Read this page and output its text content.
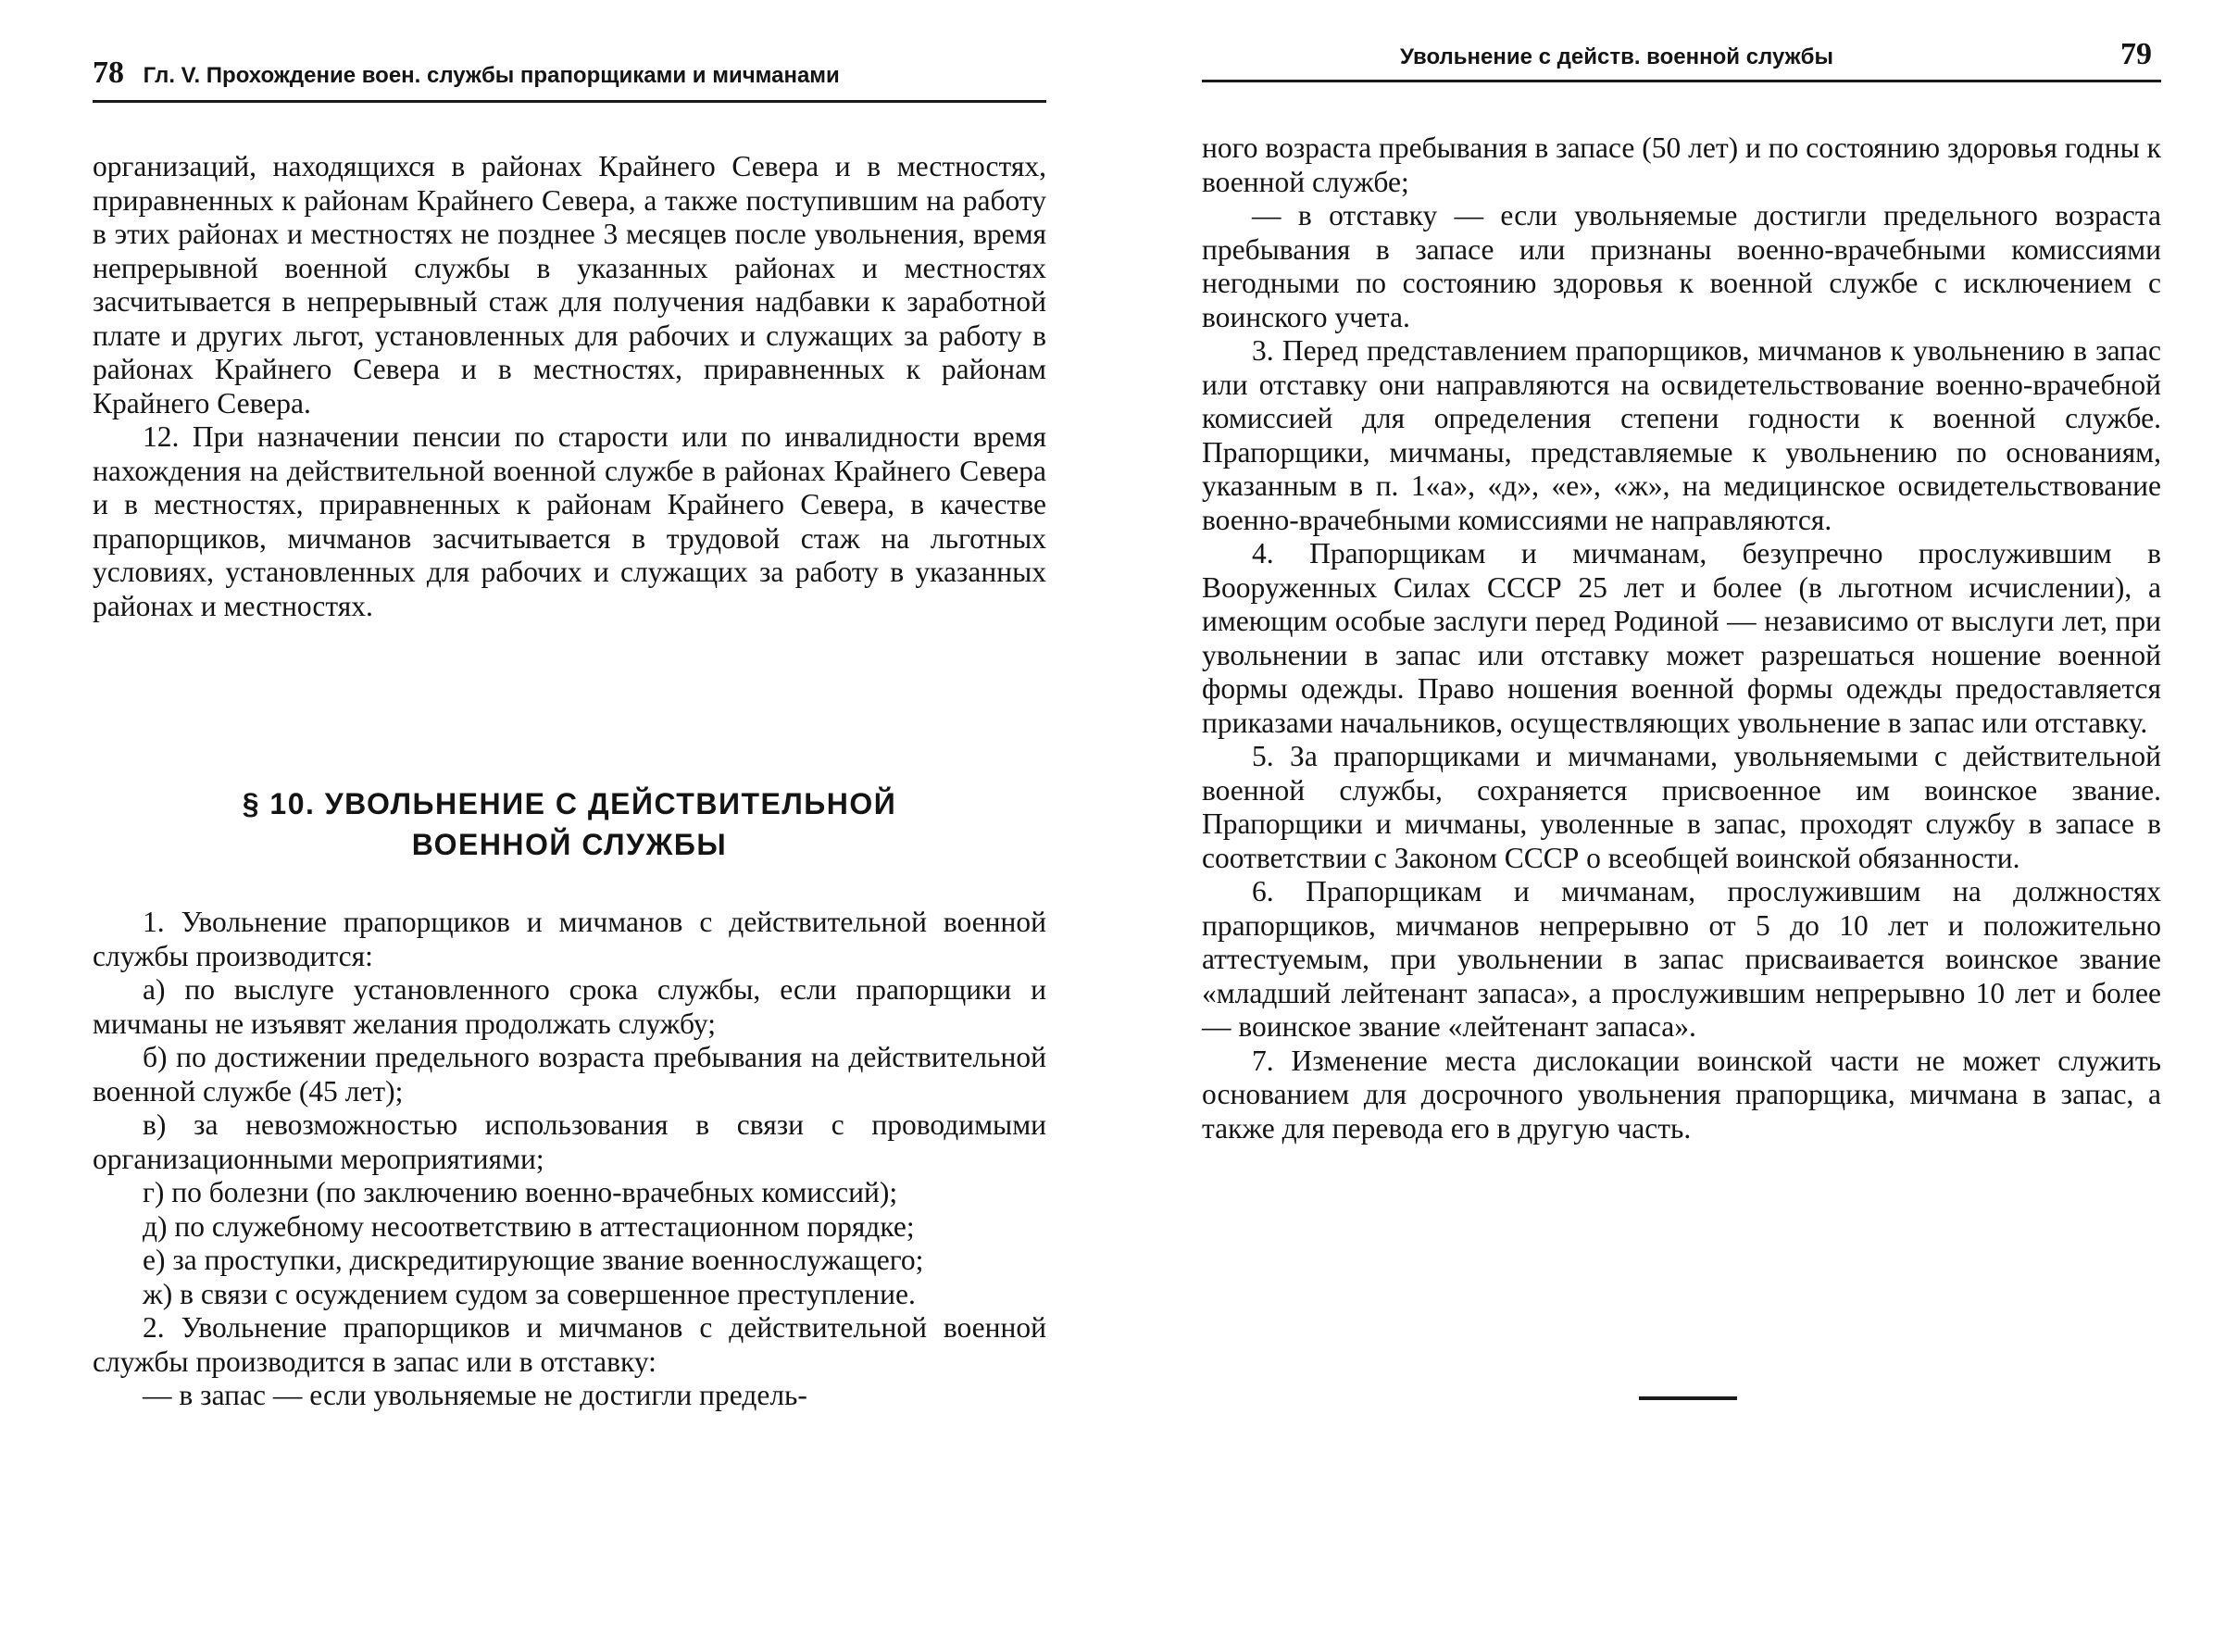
78 Гл. V. Прохождение воен. службы прапорщиками и мичманами

организаций, находящихся в районах Крайнего Севера и в местностях, приравненных к районам Крайнего Севера, а также поступившим на работу в этих районах и местностях не позднее 3 месяцев после увольнения, время непрерывной военной службы в указанных районах и местностях засчитывается в непрерывный стаж для получения надбавки к заработной плате и других льгот, установленных для рабочих и служащих за работу в районах Крайнего Севера и в местностях, приравненных к районам Крайнего Севера.

12. При назначении пенсии по старости или по инвалидности время нахождения на действительной военной службе в районах Крайнего Севера и в местностях, приравненных к районам Крайнего Севера, в качестве прапорщиков, мичманов засчитывается в трудовой стаж на льготных условиях, установленных для рабочих и служащих за работу в указанных районах и местностях.

§ 10. УВОЛЬНЕНИЕ С ДЕЙСТВИТЕЛЬНОЙ
ВОЕННОЙ СЛУЖБЫ

1. Увольнение прапорщиков и мичманов с действительной военной службы производится:

а) по выслуге установленного срока службы, если прапорщики и мичманы не изъявят желания продолжать службу;

б) по достижении предельного возраста пребывания на действительной военной службе (45 лет);

в) за невозможностью использования в связи с проводимыми организационными мероприятиями;

г) по болезни (по заключению военно-врачебных комиссий);

д) по служебному несоответствию в аттестационном порядке;

е) за проступки, дискредитирующие звание военнослужащего;

ж) в связи с осуждением судом за совершенное преступление.

2. Увольнение прапорщиков и мичманов с действительной военной службы производится в запас или в отставку:

— в запас — если увольняемые не достигли предель-

Увольнение с действ. военной службы	79

ного возраста пребывания в запасе (50 лет) и по состоянию здоровья годны к военной службе;

— в отставку — если увольняемые достигли предельного возраста пребывания в запасе или признаны военно-врачебными комиссиями негодными по состоянию здоровья к военной службе с исключением с воинского учета.

3. Перед представлением прапорщиков, мичманов к увольнению в запас или отставку они направляются на освидетельствование военно-врачебной комиссией для определения степени годности к военной службе. Прапорщики, мичманы, представляемые к увольнению по основаниям, указанным в п. 1«а», «д», «е», «ж», на медицинское освидетельствование военно-врачебными комиссиями не направляются.

4. Прапорщикам и мичманам, безупречно прослужившим в Вооруженных Силах СССР 25 лет и более (в льготном исчислении), а имеющим особые заслуги перед Родиной — независимо от выслуги лет, при увольнении в запас или отставку может разрешаться ношение военной формы одежды. Право ношения военной формы одежды предоставляется приказами начальников, осуществляющих увольнение в запас или отставку.

5. За прапорщиками и мичманами, увольняемыми с действительной военной службы, сохраняется присвоенное им воинское звание. Прапорщики и мичманы, уволенные в запас, проходят службу в запасе в соответствии с Законом СССР о всеобщей воинской обязанности.

6. Прапорщикам и мичманам, прослужившим на должностях прапорщиков, мичманов непрерывно от 5 до 10 лет и положительно аттестуемым, при увольнении в запас присваивается воинское звание «младший лейтенант запаса», а прослужившим непрерывно 10 лет и более — воинское звание «лейтенант запаса».

7. Изменение места дислокации воинской части не может служить основанием для досрочного увольнения прапорщика, мичмана в запас, а также для перевода его в другую часть.
